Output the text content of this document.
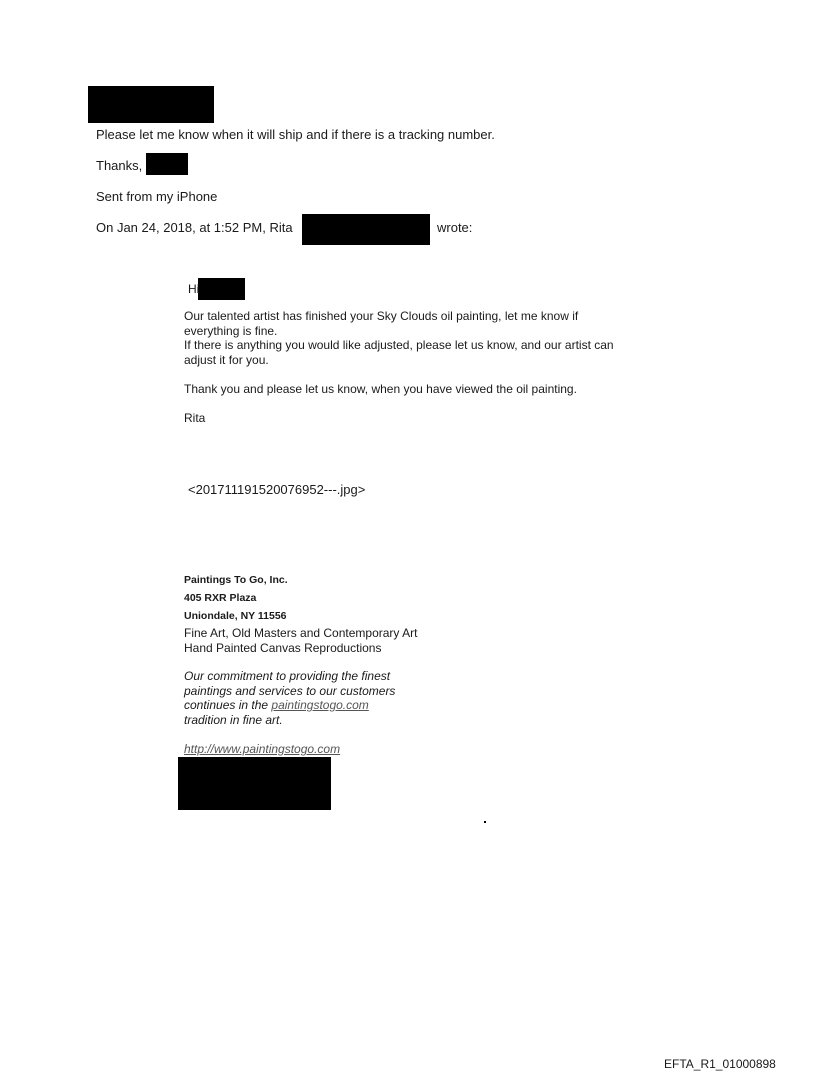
Please let me know when it will ship and if there is a tracking number.
Thanks,
Sent from my iPhone
On Jan 24, 2018, at 1:52 PM, Rita	wrote:
Hi
Our talented artist has finished your Sky Clouds oil painting, let me know if
everything is fine.
If there is anything you would like adjusted, please let us know, and our artist can
adjust it for you.
Thank you and please let us know, when you have viewed the oil painting.
Rita
<201711191520076952---.jpg>
Paintings To Go, Inc.
405 RXR Plaza
Uniondale, NY 11556
Fine Art, Old Masters and Contemporary Art
Hand Painted Canvas Reproductions
Our commitment to providing the finest
paintings and services to our customers
continues in the paintingstogo.com
tradition in fine art.
http://www.paintingstogo.com
EFTA_R1_01000898
